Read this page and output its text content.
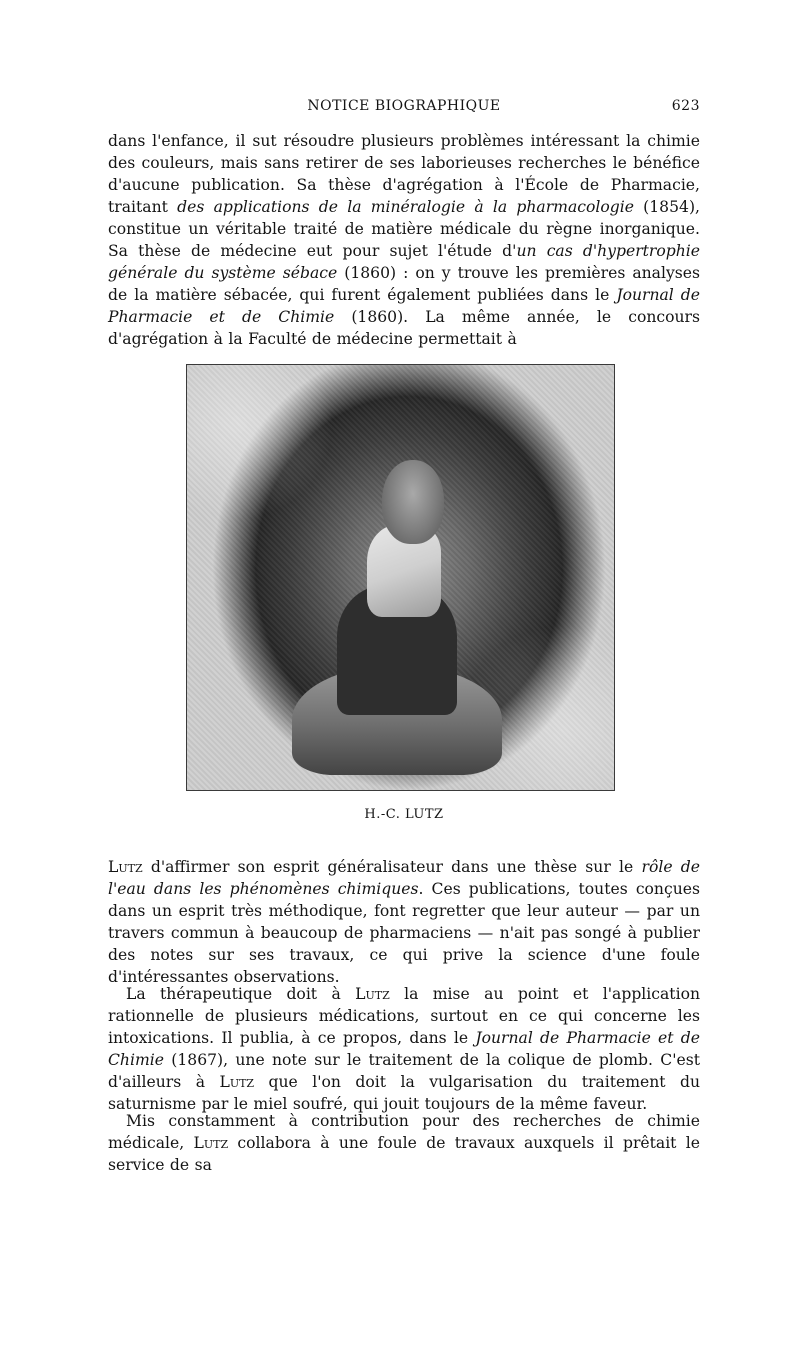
NOTICE BIOGRAPHIQUE	623

dans l'enfance, il sut résoudre plusieurs problèmes intéressant la chimie des couleurs, mais sans retirer de ses laborieuses recherches le bénéfice d'aucune publication. Sa thèse d'agrégation à l'École de Pharmacie, traitant des applications de la minéralogie à la pharmacologie (1854), constitue un véritable traité de matière médicale du règne inorganique. Sa thèse de médecine eut pour sujet l'étude d'un cas d'hypertrophie générale du système sébace (1860) : on y trouve les premières analyses de la matière sébacée, qui furent également publiées dans le Journal de Pharmacie et de Chimie (1860). La même année, le concours d'agrégation à la Faculté de médecine permettait à

H.-C. LUTZ

Lutz d'affirmer son esprit généralisateur dans une thèse sur le rôle de l'eau dans les phénomènes chimiques. Ces publications, toutes conçues dans un esprit très méthodique, font regretter que leur auteur — par un travers commun à beaucoup de pharmaciens — n'ait pas songé à publier des notes sur ses travaux, ce qui prive la science d'une foule d'intéressantes observations.

La thérapeutique doit à Lutz la mise au point et l'application rationnelle de plusieurs médications, surtout en ce qui concerne les intoxications. Il publia, à ce propos, dans le Journal de Pharmacie et de Chimie (1867), une note sur le traitement de la colique de plomb. C'est d'ailleurs à Lutz que l'on doit la vulgarisation du traitement du saturnisme par le miel soufré, qui jouit toujours de la même faveur.

Mis constamment à contribution pour des recherches de chimie médicale, Lutz collabora à une foule de travaux auxquels il prêtait le service de sa
